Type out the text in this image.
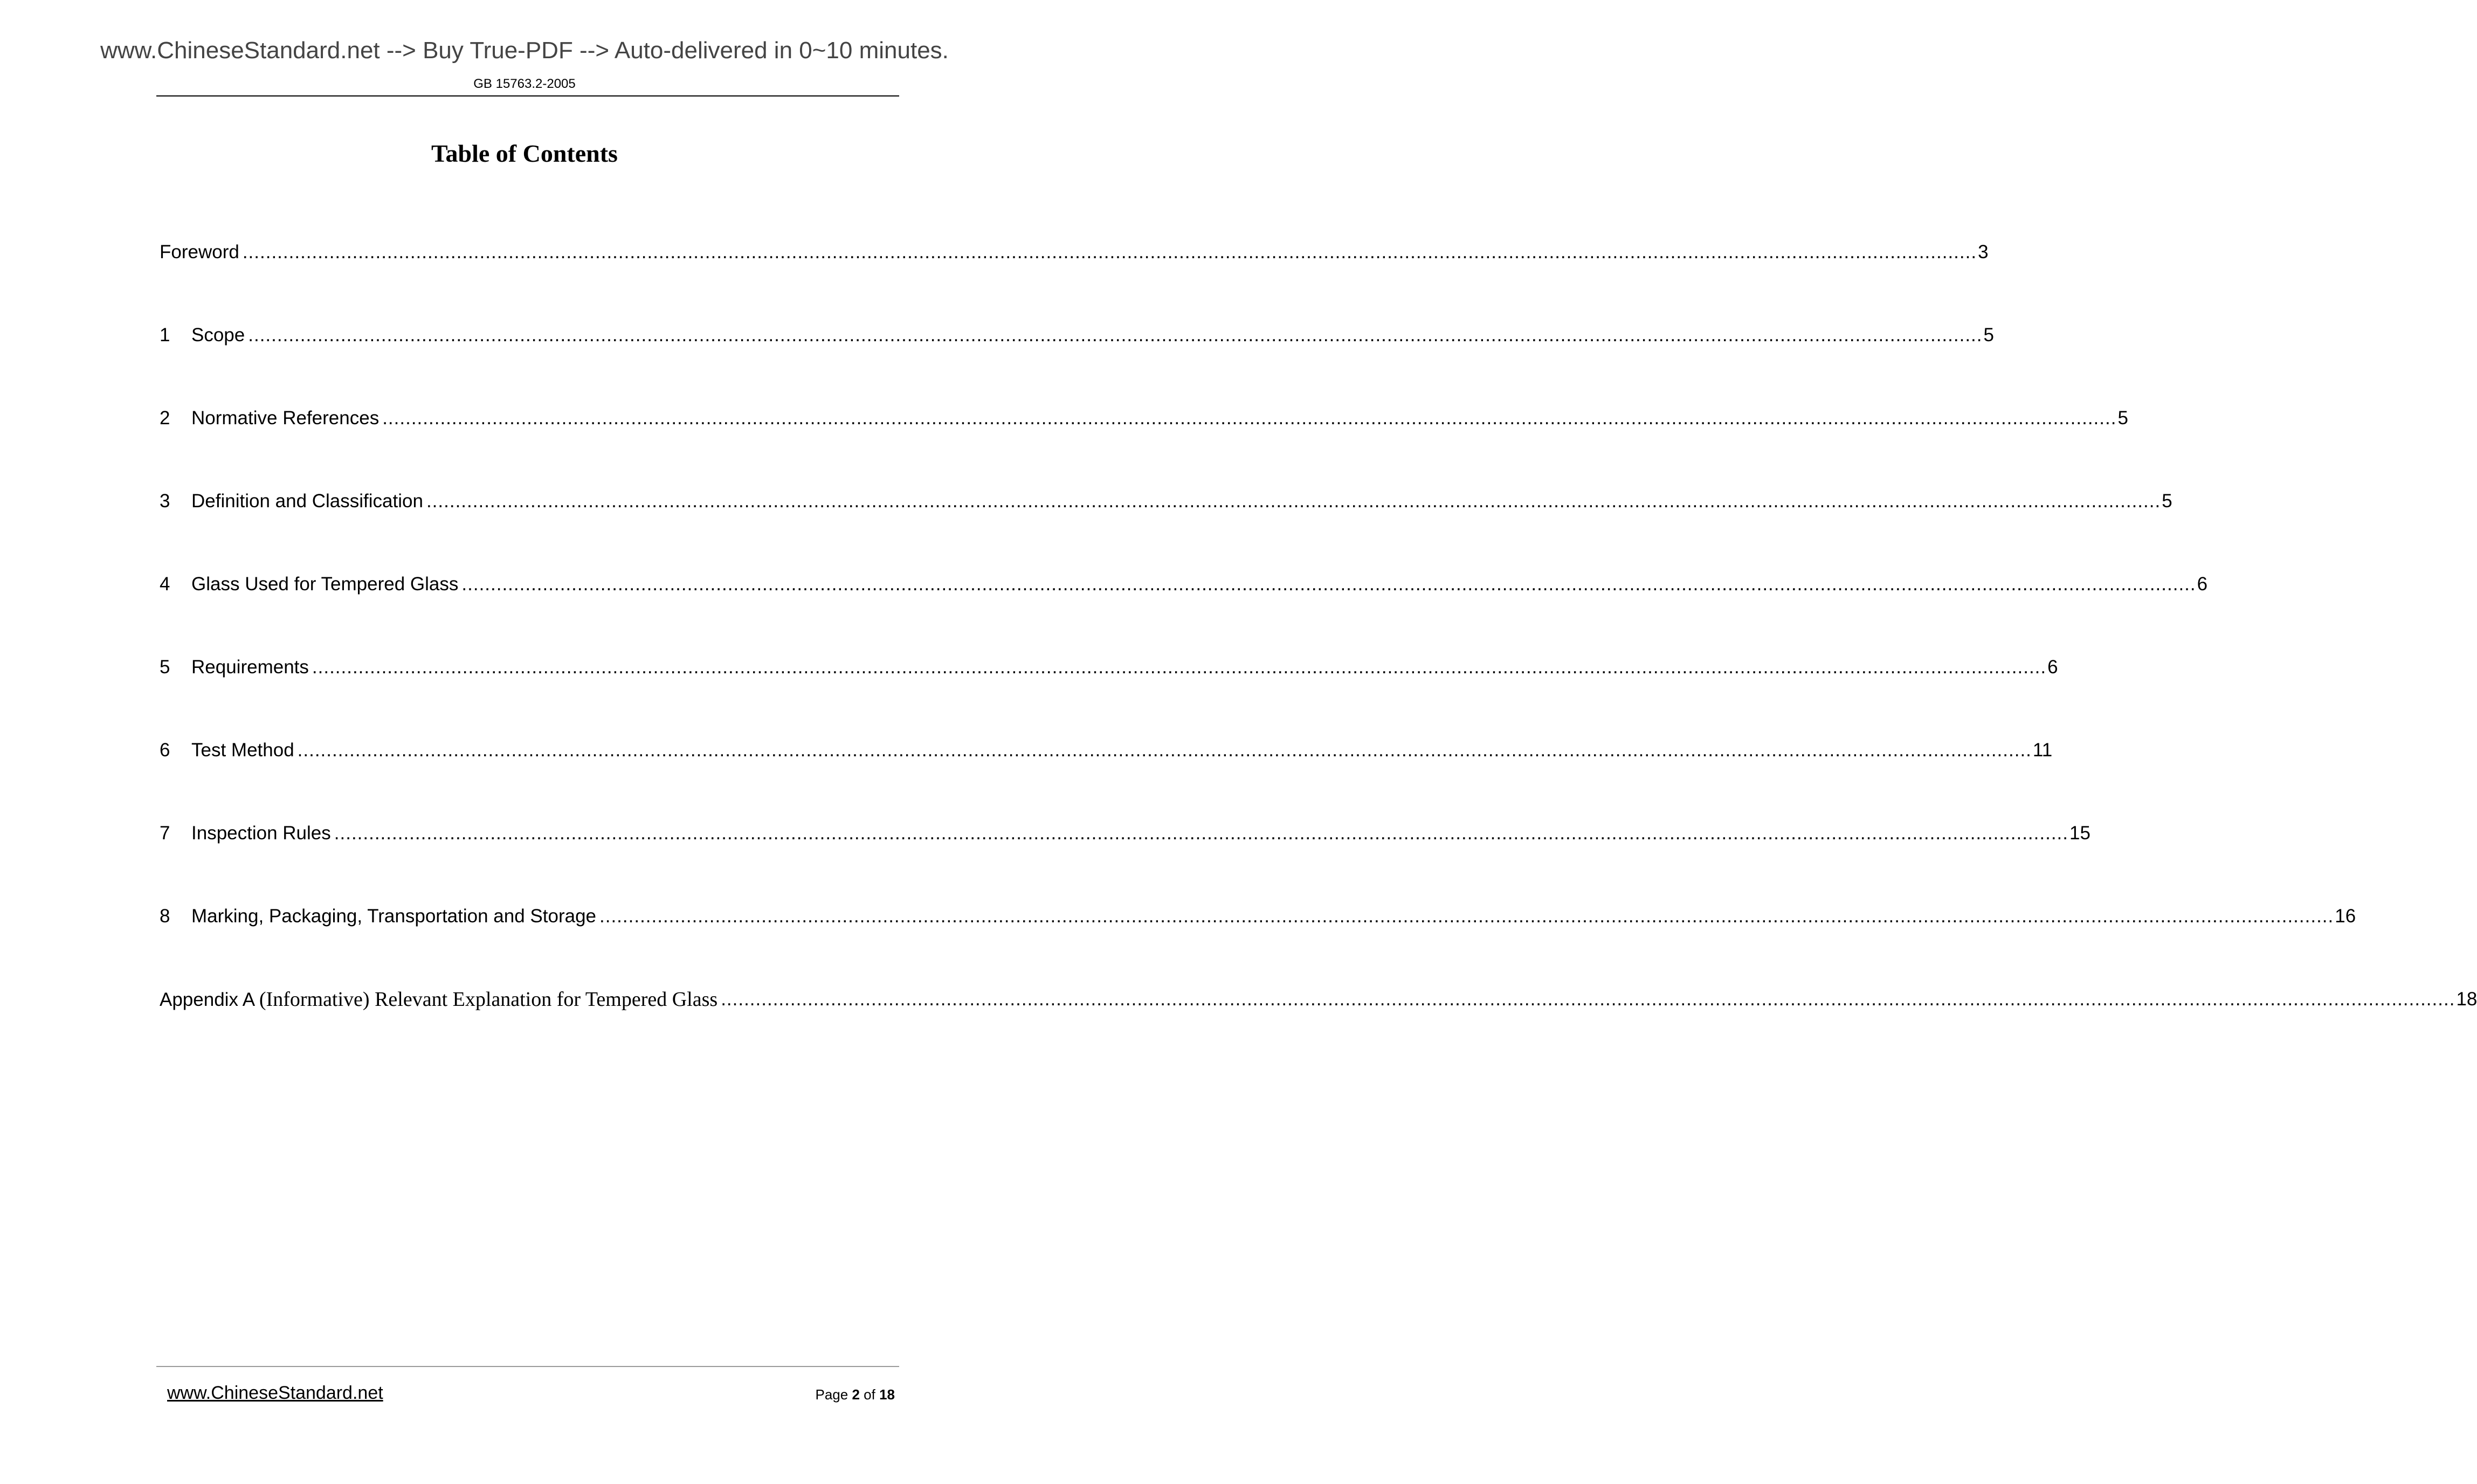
www.ChineseStandard.net --> Buy True-PDF --> Auto-delivered in 0~10 minutes.
GB 15763.2-2005
Table of Contents
Foreword ............................................................................................................................................................................................................................................................................................................ 3
1	Scope ............................................................................................................................................................................................................................................................................................................ 5
2	Normative References ............................................................................................................................................................................................................................................................................................................ 5
3	Definition and Classification ............................................................................................................................................................................................................................................................................................................ 5
4	Glass Used for Tempered Glass ............................................................................................................................................................................................................................................................................................................ 6
5	Requirements ............................................................................................................................................................................................................................................................................................................ 6
6	Test Method ............................................................................................................................................................................................................................................................................................................ 11
7	Inspection Rules ............................................................................................................................................................................................................................................................................................................ 15
8	Marking, Packaging, Transportation and Storage ............................................................................................................................................................................................................................................................................................................ 16
Appendix A (Informative) Relevant Explanation for Tempered Glass ............................................................................................................................................................................................................................................................................................................ 18
www.ChineseStandard.net	Page 2 of 18
